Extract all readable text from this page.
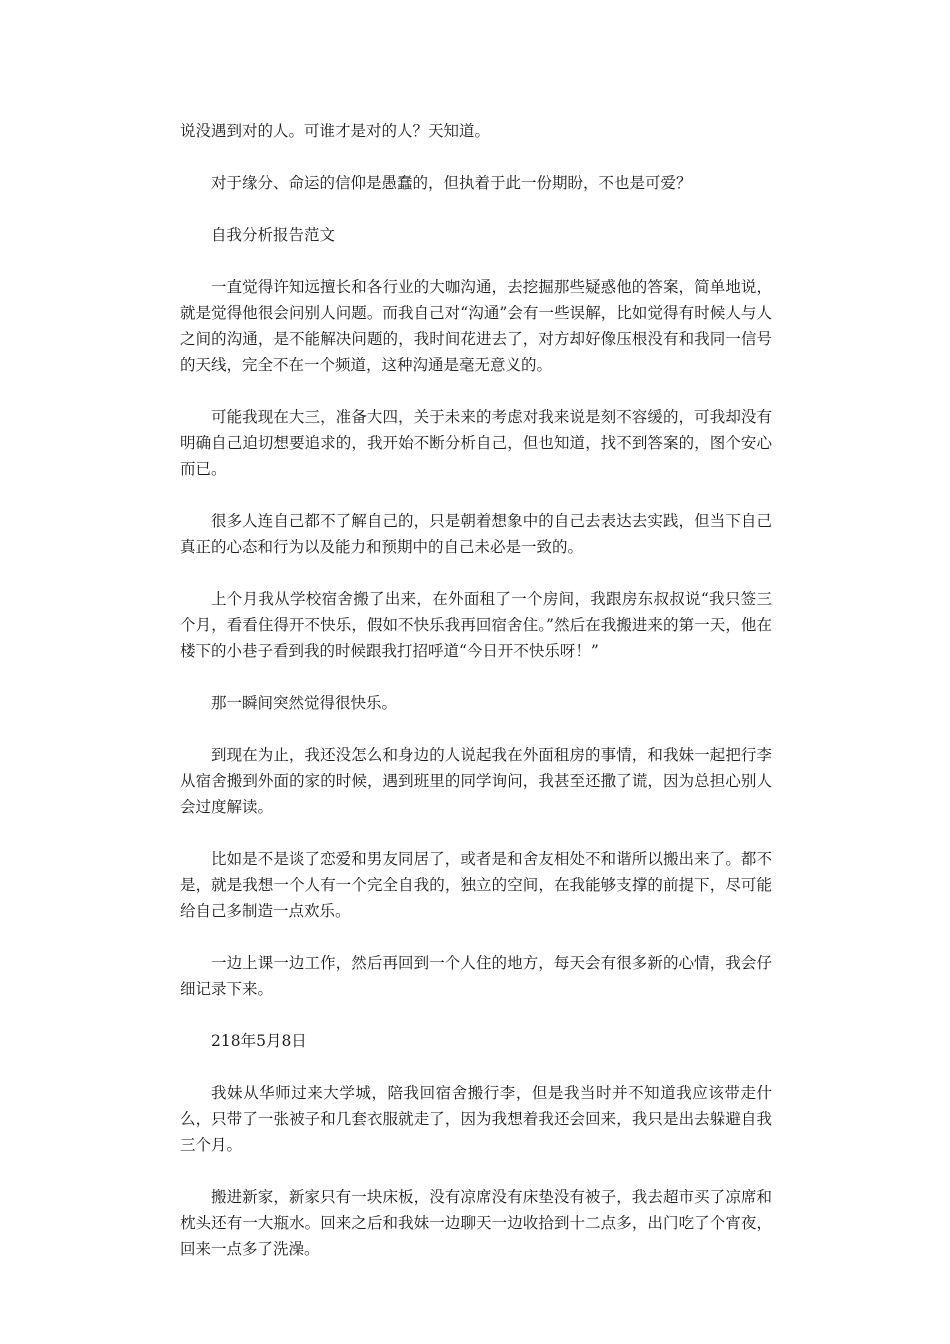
说没遇到对的人。可谁才是对的人？天知道。

对于缘分、命运的信仰是愚蠢的，但执着于此一份期盼，不也是可爱？

自我分析报告范文

一直觉得许知远擅长和各行业的大咖沟通，去挖掘那些疑惑他的答案，简单地说，就是觉得他很会问别人问题。而我自己对“沟通”会有一些误解，比如觉得有时候人与人之间的沟通，是不能解决问题的，我时间花进去了，对方却好像压根没有和我同一信号的天线，完全不在一个频道，这种沟通是毫无意义的。

可能我现在大三，准备大四，关于未来的考虑对我来说是刻不容缓的，可我却没有明确自己迫切想要追求的，我开始不断分析自己，但也知道，找不到答案的，图个安心而已。

很多人连自己都不了解自己的，只是朝着想象中的自己去表达去实践，但当下自己真正的心态和行为以及能力和预期中的自己未必是一致的。

上个月我从学校宿舍搬了出来，在外面租了一个房间，我跟房东叔叔说“我只签三个月，看看住得开不快乐，假如不快乐我再回宿舍住。”然后在我搬进来的第一天，他在楼下的小巷子看到我的时候跟我打招呼道“今日开不快乐呀！”

那一瞬间突然觉得很快乐。

到现在为止，我还没怎么和身边的人说起我在外面租房的事情，和我妹一起把行李从宿舍搬到外面的家的时候，遇到班里的同学询问，我甚至还撒了谎，因为总担心别人会过度解读。

比如是不是谈了恋爱和男友同居了，或者是和舍友相处不和谐所以搬出来了。都不是，就是我想一个人有一个完全自我的，独立的空间，在我能够支撑的前提下，尽可能给自己多制造一点欢乐。

一边上课一边工作，然后再回到一个人住的地方，每天会有很多新的心情，我会仔细记录下来。

218年5月8日

我妹从华师过来大学城，陪我回宿舍搬行李，但是我当时并不知道我应该带走什么，只带了一张被子和几套衣服就走了，因为我想着我还会回来，我只是出去躲避自我三个月。

搬进新家，新家只有一块床板，没有凉席没有床垫没有被子，我去超市买了凉席和枕头还有一大瓶水。回来之后和我妹一边聊天一边收拾到十二点多，出门吃了个宵夜，回来一点多了洗澡。
